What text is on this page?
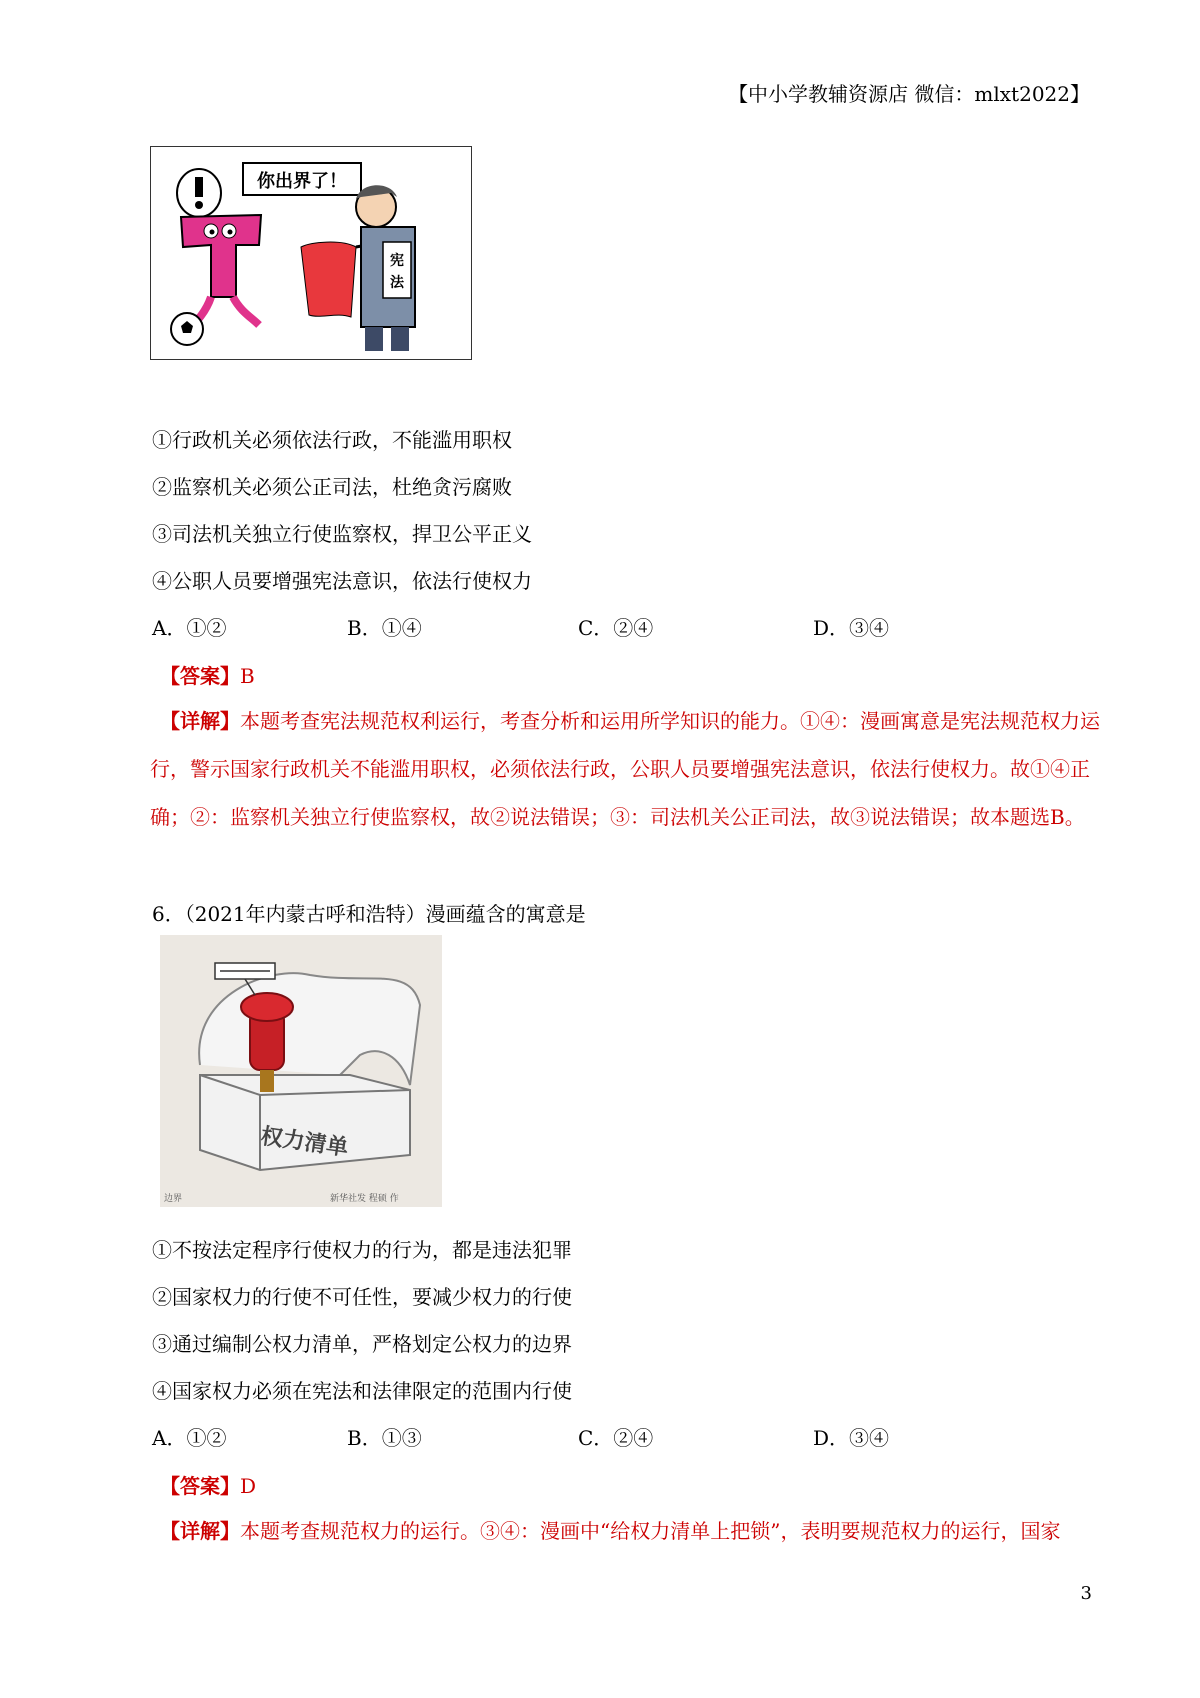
【中小学教辅资源店 微信：mlxt2022】
你出界了！
宪
法
①行政机关必须依法行政，不能滥用职权
②监察机关必须公正司法，杜绝贪污腐败
③司法机关独立行使监察权，捍卫公平正义
④公职人员要增强宪法意识，依法行使权力
A．①②	B．①④	C．②④	D．③④
【答案】B
【详解】本题考查宪法规范权利运行，考查分析和运用所学知识的能力。①④：漫画寓意是宪法规范权力运行，警示国家行政机关不能滥用职权，必须依法行政，公职人员要增强宪法意识，依法行使权力。故①④正确；②：监察机关独立行使监察权，故②说法错误；③：司法机关公正司法，故③说法错误；故本题选B。
6．（2021年内蒙古呼和浩特）漫画蕴含的寓意是
权力清单
边界	新华社发 程硕 作
①不按法定程序行使权力的行为，都是违法犯罪
②国家权力的行使不可任性，要减少权力的行使
③通过编制公权力清单，严格划定公权力的边界
④国家权力必须在宪法和法律限定的范围内行使
A．①②	B．①③	C．②④	D．③④
【答案】D
【详解】本题考查规范权力的运行。③④：漫画中“给权力清单上把锁”，表明要规范权力的运行，国家
3
